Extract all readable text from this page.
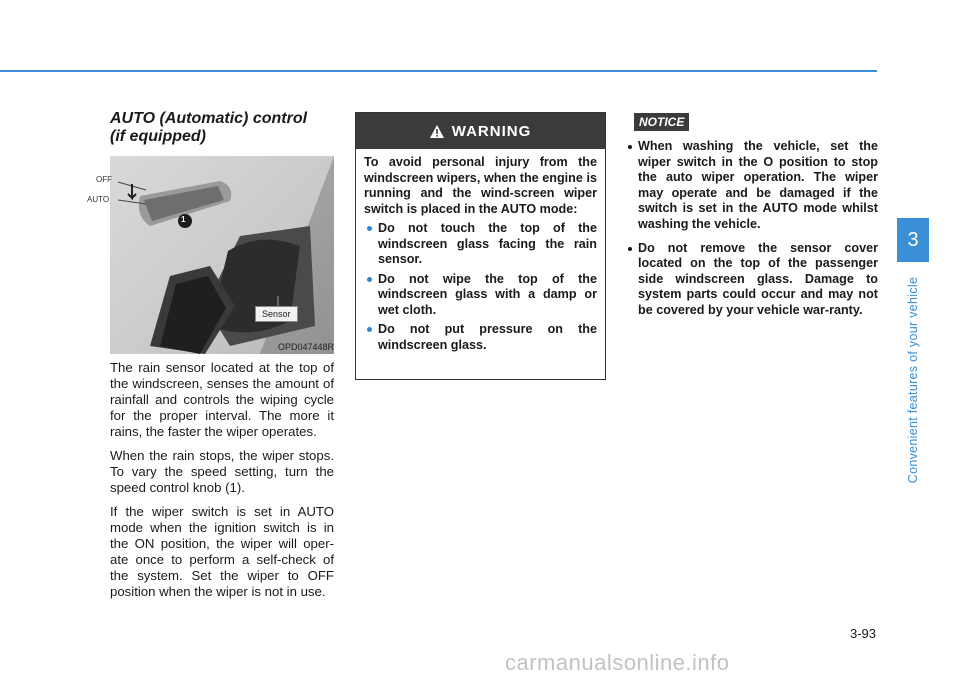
AUTO (Automatic) control
(if equipped)
OFF
AUTO
1
Sensor
OPD047448R

The rain sensor located at the top of the windscreen, senses the amount of rainfall and controls the wiping cycle for the proper interval. The more it rains, the faster the wiper operates.

When the rain stops, the wiper stops. To vary the speed setting, turn the speed control knob (1).

If the wiper switch is set in AUTO mode when the ignition switch is in the ON position, the wiper will oper-ate once to perform a self-check of the system. Set the wiper to OFF position when the wiper is not in use.

WARNING

To avoid personal injury from the windscreen wipers, when the engine is running and the wind-screen wiper switch is placed in the AUTO mode:

Do not touch the top of the windscreen glass facing the rain sensor.
Do not wipe the top of the windscreen glass with a damp or wet cloth.
Do not put pressure on the windscreen glass.
NOTICE
When washing the vehicle, set the wiper switch in the O position to stop the auto wiper operation. The wiper may operate and be damaged if the switch is set in the AUTO mode whilst washing the vehicle.
Do not remove the sensor cover located on the top of the passenger side windscreen glass. Damage to system parts could occur and may not be covered by your vehicle war-ranty.
3
Convenient features of your vehicle
3-93
carmanualsonline.info
